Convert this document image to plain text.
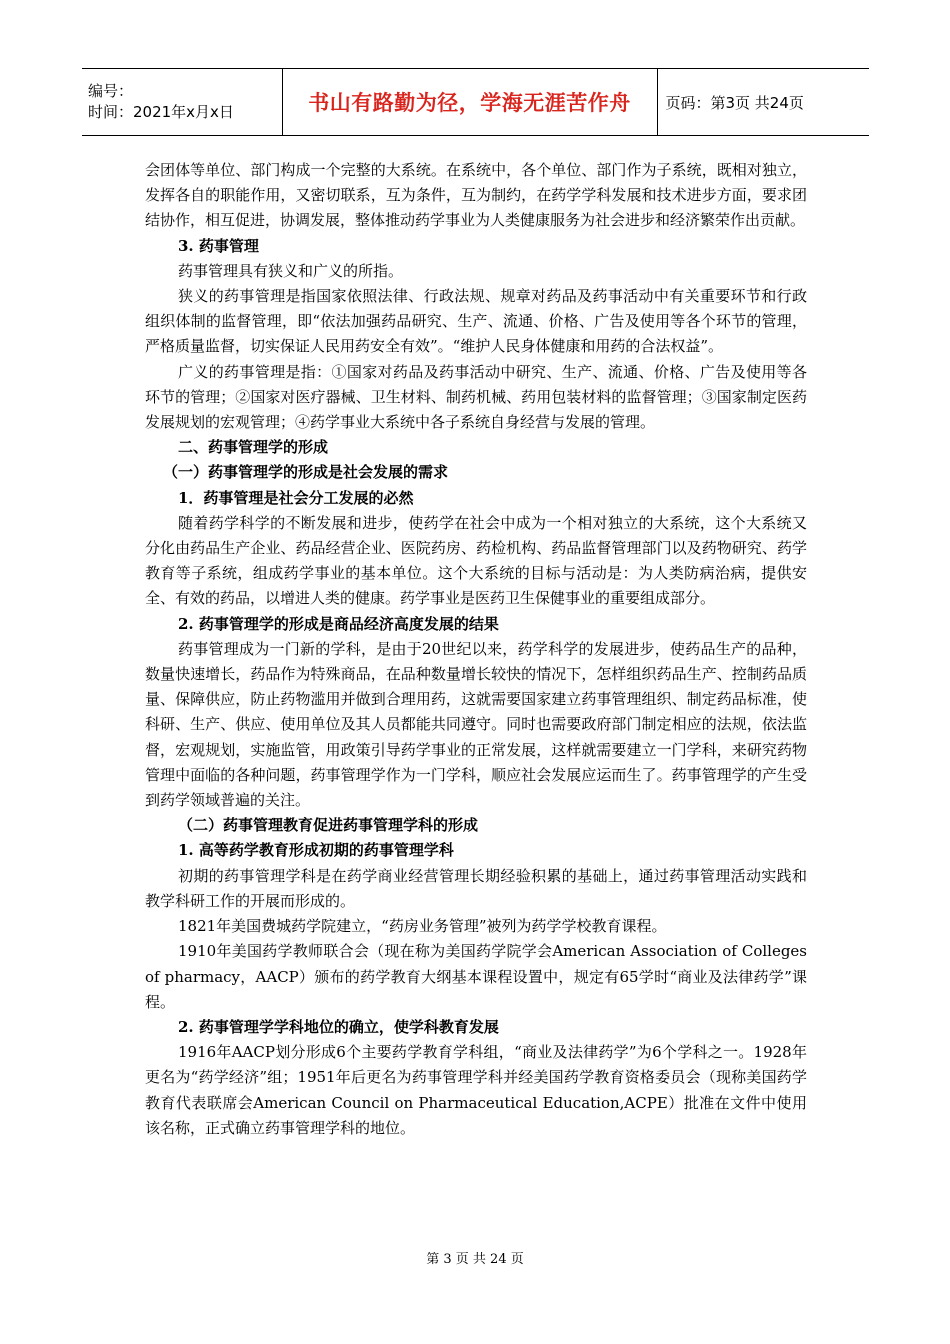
编号：
时间：2021年x月x日	书山有路勤为径，学海无涯苦作舟	页码：第3页 共24页

会团体等单位、部门构成一个完整的大系统。在系统中，各个单位、部门作为子系统，既相对独立，发挥各自的职能作用，又密切联系，互为条件，互为制约，在药学学科发展和技术进步方面，要求团结协作，相互促进，协调发展，整体推动药学事业为人类健康服务为社会进步和经济繁荣作出贡献。

3. 药事管理

药事管理具有狭义和广义的所指。

狭义的药事管理是指国家依照法律、行政法规、规章对药品及药事活动中有关重要环节和行政组织体制的监督管理，即“依法加强药品研究、生产、流通、价格、广告及使用等各个环节的管理，严格质量监督，切实保证人民用药安全有效”。“维护人民身体健康和用药的合法权益”。

广义的药事管理是指：①国家对药品及药事活动中研究、生产、流通、价格、广告及使用等各环节的管理；②国家对医疗器械、卫生材料、制药机械、药用包装材料的监督管理；③国家制定医药发展规划的宏观管理；④药学事业大系统中各子系统自身经营与发展的管理。

二、药事管理学的形成

（一）药事管理学的形成是社会发展的需求

1．药事管理是社会分工发展的必然

随着药学科学的不断发展和进步，使药学在社会中成为一个相对独立的大系统，这个大系统又分化由药品生产企业、药品经营企业、医院药房、药检机构、药品监督管理部门以及药物研究、药学教育等子系统，组成药学事业的基本单位。这个大系统的目标与活动是：为人类防病治病，提供安全、有效的药品，以增进人类的健康。药学事业是医药卫生保健事业的重要组成部分。

2. 药事管理学的形成是商品经济高度发展的结果

药事管理成为一门新的学科，是由于20世纪以来，药学科学的发展进步，使药品生产的品种，数量快速增长，药品作为特殊商品，在品种数量增长较快的情况下，怎样组织药品生产、控制药品质量、保障供应，防止药物滥用并做到合理用药，这就需要国家建立药事管理组织、制定药品标准，使科研、生产、供应、使用单位及其人员都能共同遵守。同时也需要政府部门制定相应的法规，依法监督，宏观规划，实施监管，用政策引导药学事业的正常发展，这样就需要建立一门学科，来研究药物管理中面临的各种问题，药事管理学作为一门学科，顺应社会发展应运而生了。药事管理学的产生受到药学领域普遍的关注。

（二）药事管理教育促进药事管理学科的形成

1. 高等药学教育形成初期的药事管理学科

初期的药事管理学科是在药学商业经营管理长期经验积累的基础上，通过药事管理活动实践和教学科研工作的开展而形成的。

1821年美国费城药学院建立，“药房业务管理”被列为药学学校教育课程。

1910年美国药学教师联合会（现在称为美国药学院学会American Association of Colleges of pharmacy，AACP）颁布的药学教育大纲基本课程设置中，规定有65学时“商业及法律药学”课程。

2. 药事管理学学科地位的确立，使学科教育发展

1916年AACP划分形成6个主要药学教育学科组，“商业及法律药学”为6个学科之一。1928年更名为“药学经济”组；1951年后更名为药事管理学科并经美国药学教育资格委员会（现称美国药学教育代表联席会American Council on Pharmaceutical Education,ACPE）批准在文件中使用该名称，正式确立药事管理学科的地位。

第 3 页 共 24 页
